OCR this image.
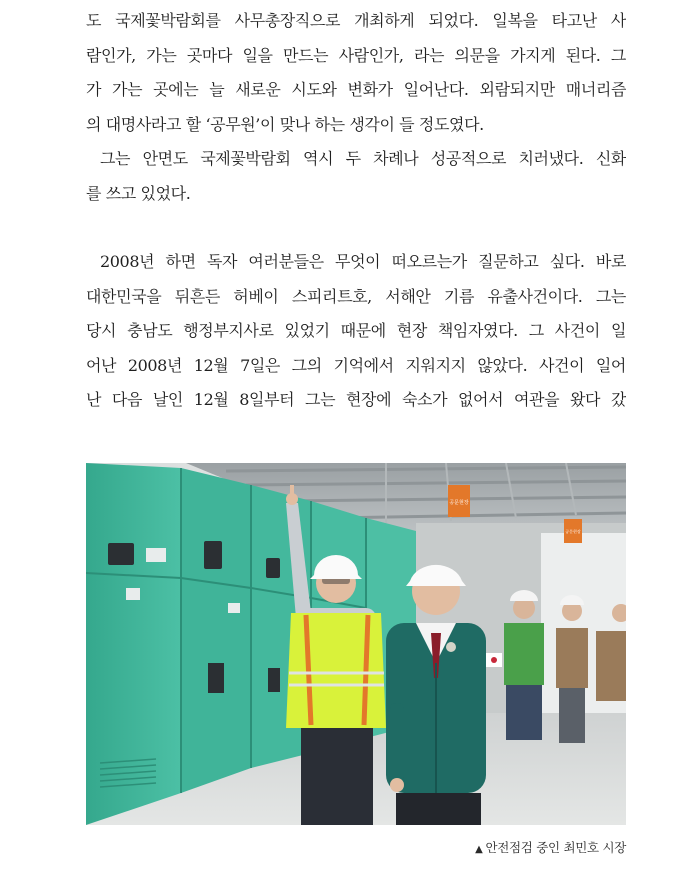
도 국제꽃박람회를 사무총장직으로 개최하게 되었다. 일복을 타고난 사
람인가, 가는 곳마다 일을 만드는 사람인가, 라는 의문을 가지게 된다. 그
가 가는 곳에는 늘 새로운 시도와 변화가 일어난다. 외람되지만 매너리즘
의 대명사라고 할 ‘공무원’이 맞나 하는 생각이 들 정도였다.
그는 안면도 국제꽃박람회 역시 두 차례나 성공적으로 치러냈다. 신화
를 쓰고 있었다.
2008년 하면 독자 여러분들은 무엇이 떠오르는가 질문하고 싶다. 바로
대한민국을 뒤흔든 허베이 스피리트호, 서해안 기름 유출사건이다. 그는
당시 충남도 행정부지사로 있었기 때문에 현장 책임자였다. 그 사건이 일
어난 2008년 12월 7일은 그의 기억에서 지워지지 않았다. 사건이 일어
난 다음 날인 12월 8일부터 그는 현장에 숙소가 없어서 여관을 왔다 갔
공문현장
공문현장
▲ 안전점검 중인 최민호 시장
